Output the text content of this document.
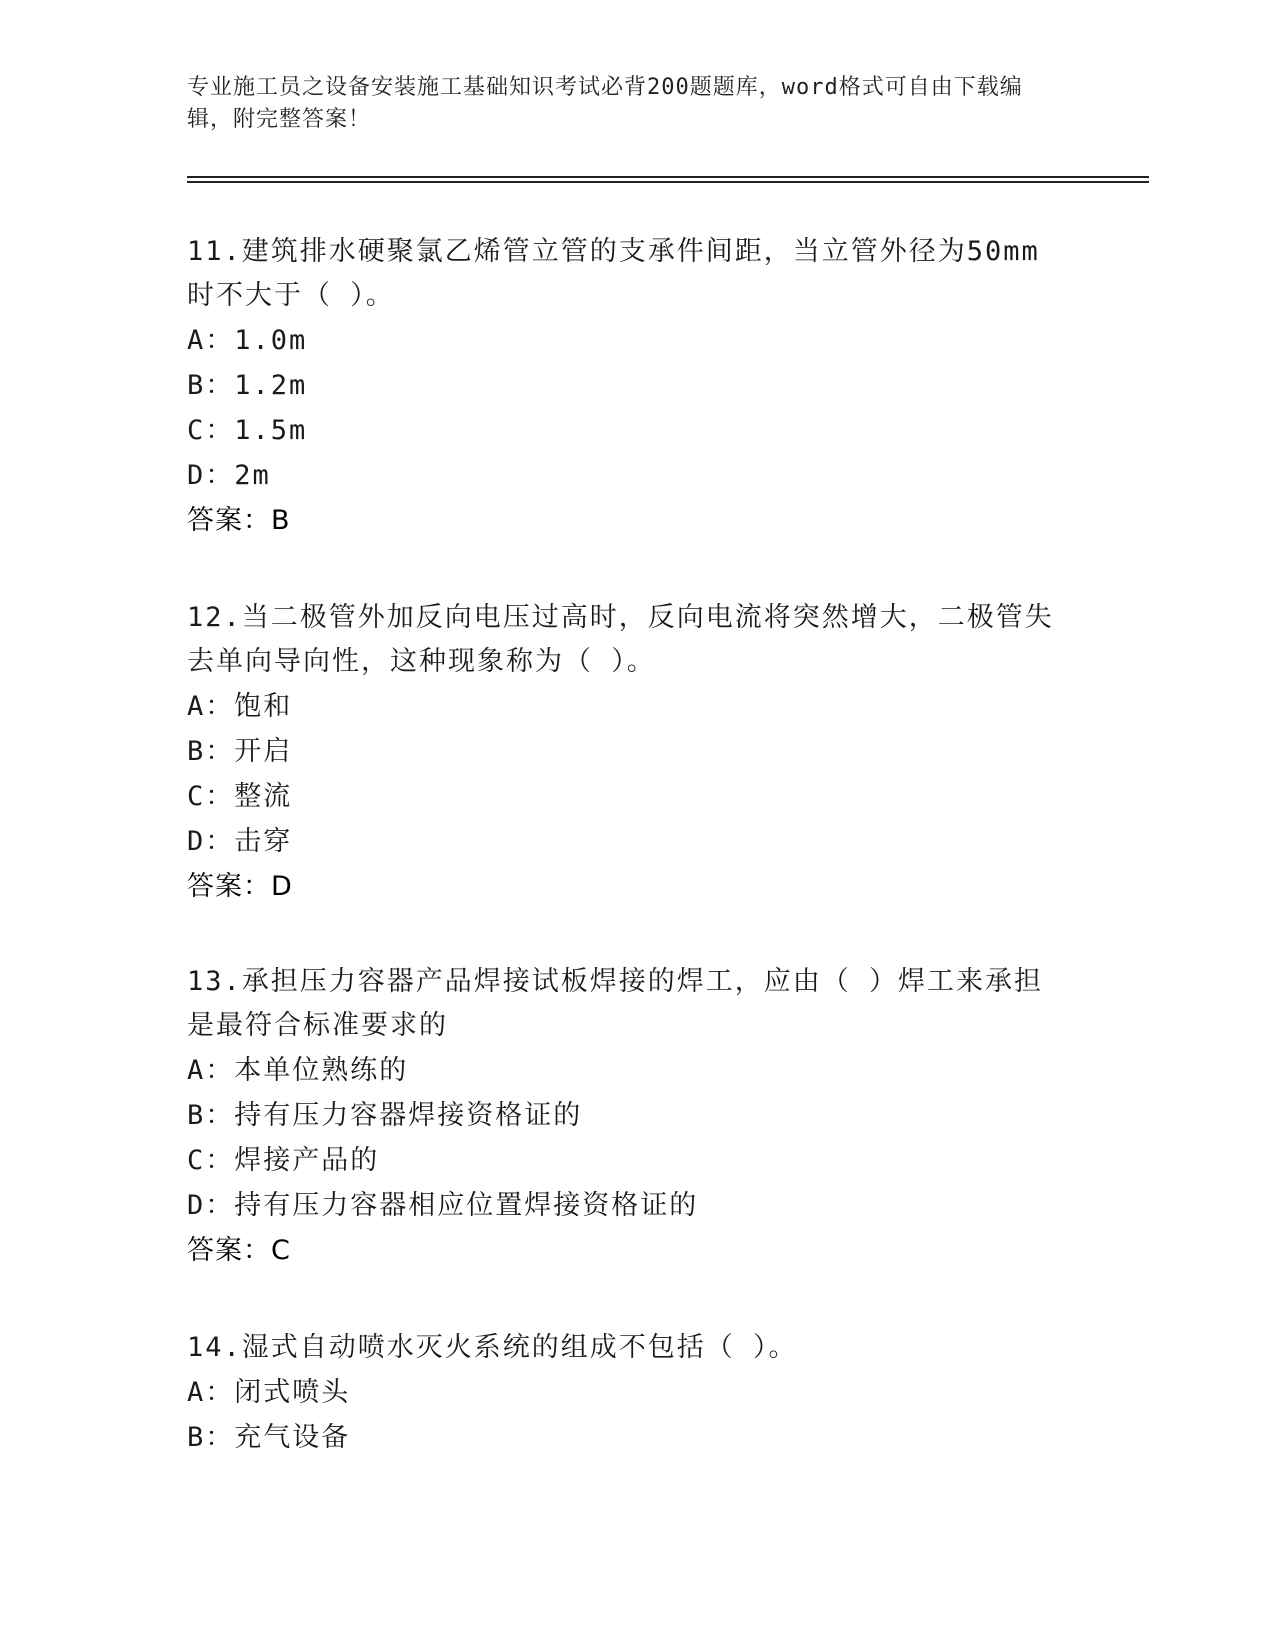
专业施工员之设备安装施工基础知识考试必背200题题库，word格式可自由下载编辑，附完整答案！
11.建筑排水硬聚氯乙烯管立管的支承件间距，当立管外径为50mm时不大于（ ）。
A：1.0m
B：1.2m
C：1.5m
D：2m
答案：B
12.当二极管外加反向电压过高时，反向电流将突然增大，二极管失去单向导向性，这种现象称为（ ）。
A：饱和
B：开启
C：整流
D：击穿
答案：D
13.承担压力容器产品焊接试板焊接的焊工，应由（ ）焊工来承担是最符合标准要求的
A：本单位熟练的
B：持有压力容器焊接资格证的
C：焊接产品的
D：持有压力容器相应位置焊接资格证的
答案：C
14.湿式自动喷水灭火系统的组成不包括（ ）。
A：闭式喷头
B：充气设备
